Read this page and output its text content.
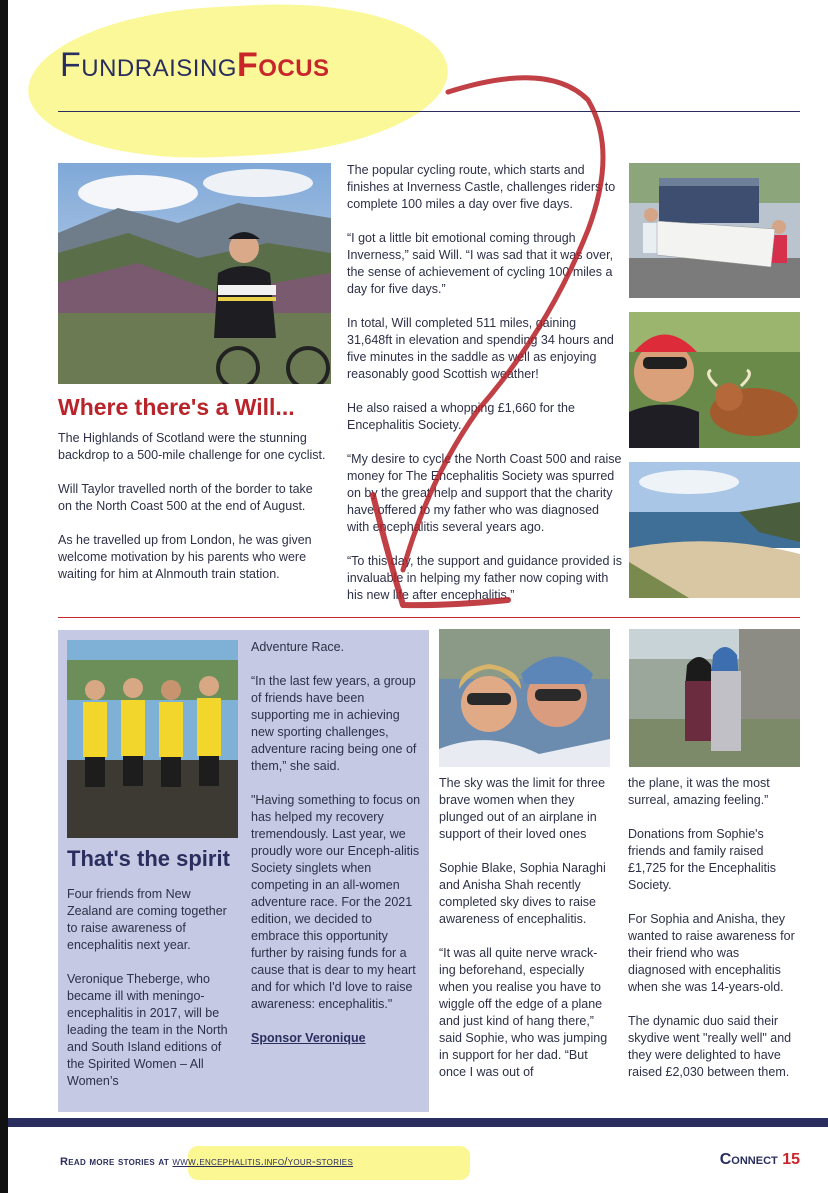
FundraisingFocus
Where there's a Will...

The Highlands of Scotland were the stunning backdrop to a 500-mile challenge for one cyclist.

Will Taylor travelled north of the border to take on the North Coast 500 at the end of August.

As he travelled up from London, he was given welcome motivation by his parents who were waiting for him at Alnmouth train station.

The popular cycling route, which starts and finishes at Inverness Castle, challenges riders to complete 100 miles a day over five days.

“I got a little bit emotional coming through Inverness,” said Will. “I was sad that it was over, the sense of achievement of cycling 100 miles a day for five days.”

In total, Will completed 511 miles, gaining 31,648ft in elevation and spending 34 hours and five minutes in the saddle as well as enjoying reasonably good Scottish weather!

He also raised a whopping £1,660 for the Encephalitis Society.

“My desire to cycle the North Coast 500 and raise money for The Encephalitis Society was spurred on by the great help and support that the charity have offered to my father who was diagnosed with encephalitis several years ago.

“To this day, the support and guidance provided is invaluable in helping my father now coping with his new life after encephalitis.”

That's the spirit

Four friends from New Zealand are coming together to raise awareness of encephalitis next year.

Veronique Theberge, who became ill with meningo-encephalitis in 2017, will be leading the team in the North and South Island editions of the Spirited Women – All Women’s

Adventure Race.

“In the last few years, a group of friends have been supporting me in achieving new sporting challenges, adventure racing being one of them,” she said.

"Having something to focus on has helped my recovery tremendously. Last year, we proudly wore our Enceph-alitis Society singlets when competing in an all-women adventure race. For the 2021 edition, we decided to embrace this opportunity further by raising funds for a cause that is dear to my heart and for which I'd love to raise awareness: encephalitis."

Sponsor Veronique

The sky was the limit for three brave women when they plunged out of an airplane in support of their loved ones

Sophie Blake, Sophia Naraghi and Anisha Shah recently completed sky dives to raise awareness of encephalitis.

“It was all quite nerve wrack-ing beforehand, especially when you realise you have to wiggle off the edge of a plane and just kind of hang there,” said Sophie, who was jumping in support for her dad. “But once I was out of

the plane, it was the most surreal, amazing feeling.”

Donations from Sophie's friends and family raised £1,725 for the Encephalitis Society.

For Sophia and Anisha, they wanted to raise awareness for their friend who was diagnosed with encephalitis when she was 14-years-old.

The dynamic duo said their skydive went "really well" and they were delighted to have raised £2,030 between them.

Read more stories at www.encephalitis.info/your-stories	Connect 15
